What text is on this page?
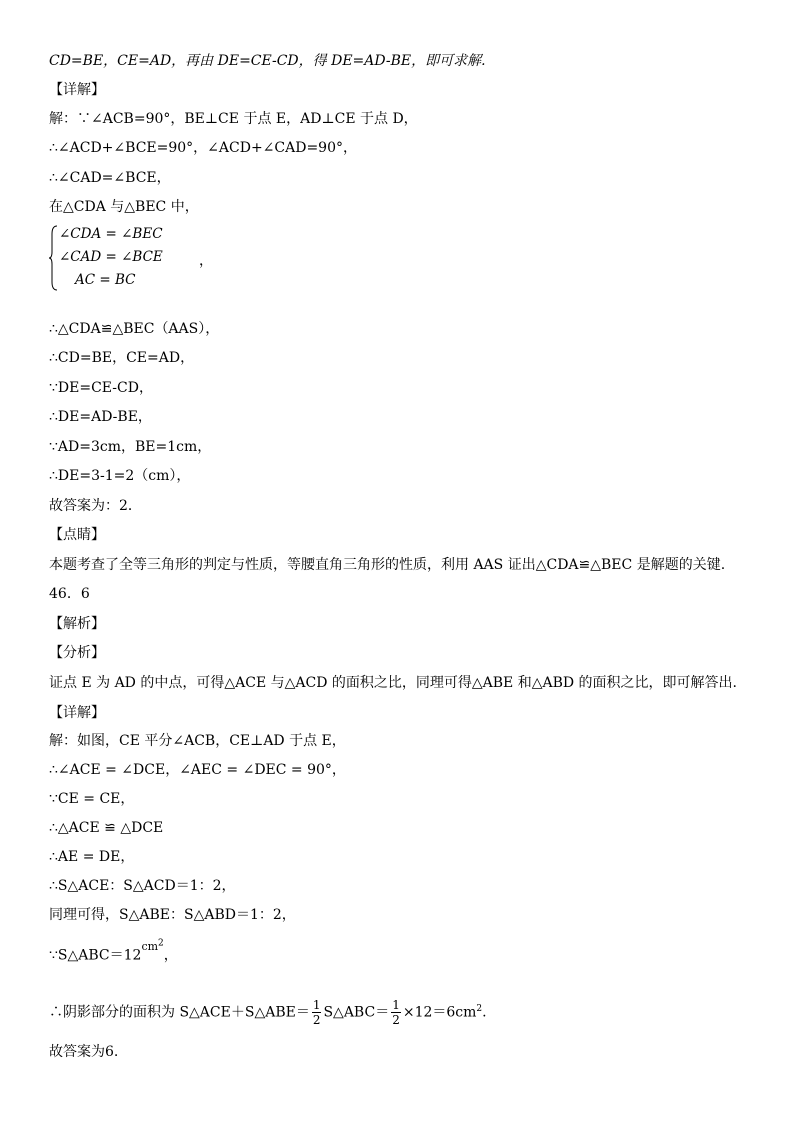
CD=BE，CE=AD，再由 DE=CE-CD，得 DE=AD-BE，即可求解.
【详解】
解：∵∠ACB=90°，BE⊥CE 于点 E，AD⊥CE 于点 D，
∴∠ACD+∠BCE=90°，∠ACD+∠CAD=90°，
∴∠CAD=∠BCE，
在△CDA 与△BEC 中，
∠CDA = ∠BEC
∠CAD = ∠BCE
AC = BC
，
∴△CDA≌△BEC（AAS），
∴CD=BE，CE=AD，
∵DE=CE-CD，
∴DE=AD-BE，
∵AD=3cm，BE=1cm，
∴DE=3-1=2（cm），
故答案为：2．
【点睛】
本题考查了全等三角形的判定与性质，等腰直角三角形的性质，利用 AAS 证出△CDA≌△BEC 是解题的关键.
46．6
【解析】
【分析】
证点 E 为 AD 的中点，可得△ACE 与△ACD 的面积之比，同理可得△ABE 和△ABD 的面积之比，即可解答出.
【详解】
解：如图，CE 平分∠ACB，CE⊥AD 于点 E，
∴∠ACE = ∠DCE，∠AEC = ∠DEC = 90°，
∵CE = CE，
∴△ACE ≌ △DCE
∴AE = DE，
∴S△ACE：S△ACD＝1：2，
同理可得，S△ABE：S△ABD＝1：2，
$\because S\triangle ABC=12^{cm^2}$，
∴阴影部分的面积为 S△ACE＋S△ABE＝ $\frac{1}{2}$ S△ABC＝ $\frac{1}{2} \times 12=6cm^2$.
故答案为6.
